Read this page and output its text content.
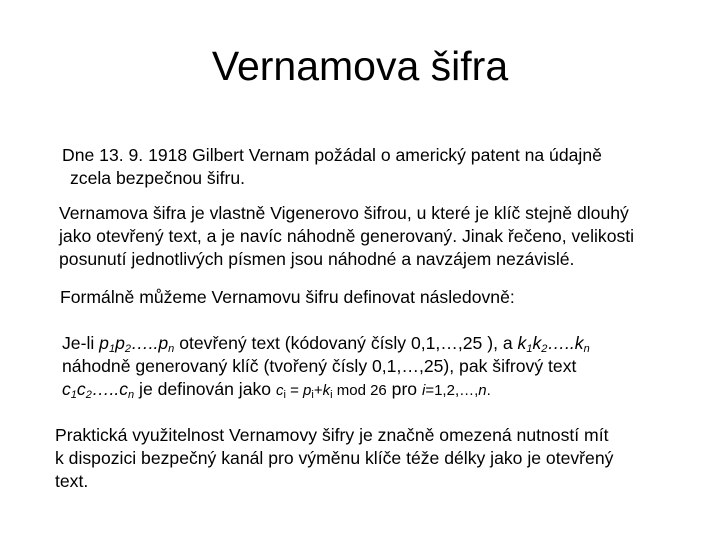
Vernamova šifra

Dne 13. 9. 1918 Gilbert Vernam požádal o americký patent na údajně
zcela bezpečnou šifru.

Vernamova šifra je vlastně Vigenerovo šifrou, u které je klíč stejně dlouhý
jako otevřený text, a je navíc náhodně generovaný. Jinak řečeno, velikosti
posunutí jednotlivých písmen jsou náhodné a navzájem nezávislé.

Formálně můžeme Vernamovu šifru definovat následovně:

Je-li $p_1p_2\dots..p_n$ otevřený text (kódovaný čísly 0,1,…,25 ), a $k_1k_2\dots..k_n$
náhodně generovaný klíč (tvořený čísly 0,1,…,25), pak šifrový text
$c_1c_2\dots..c_n$ je definován jako $c_i = p_i+k_i$ mod 26 pro i=1,2,…,n.

Praktická využitelnost Vernamovy šifry je značně omezená nutností mít
k dispozici bezpečný kanál pro výměnu klíče téže délky jako je otevřený
text.
